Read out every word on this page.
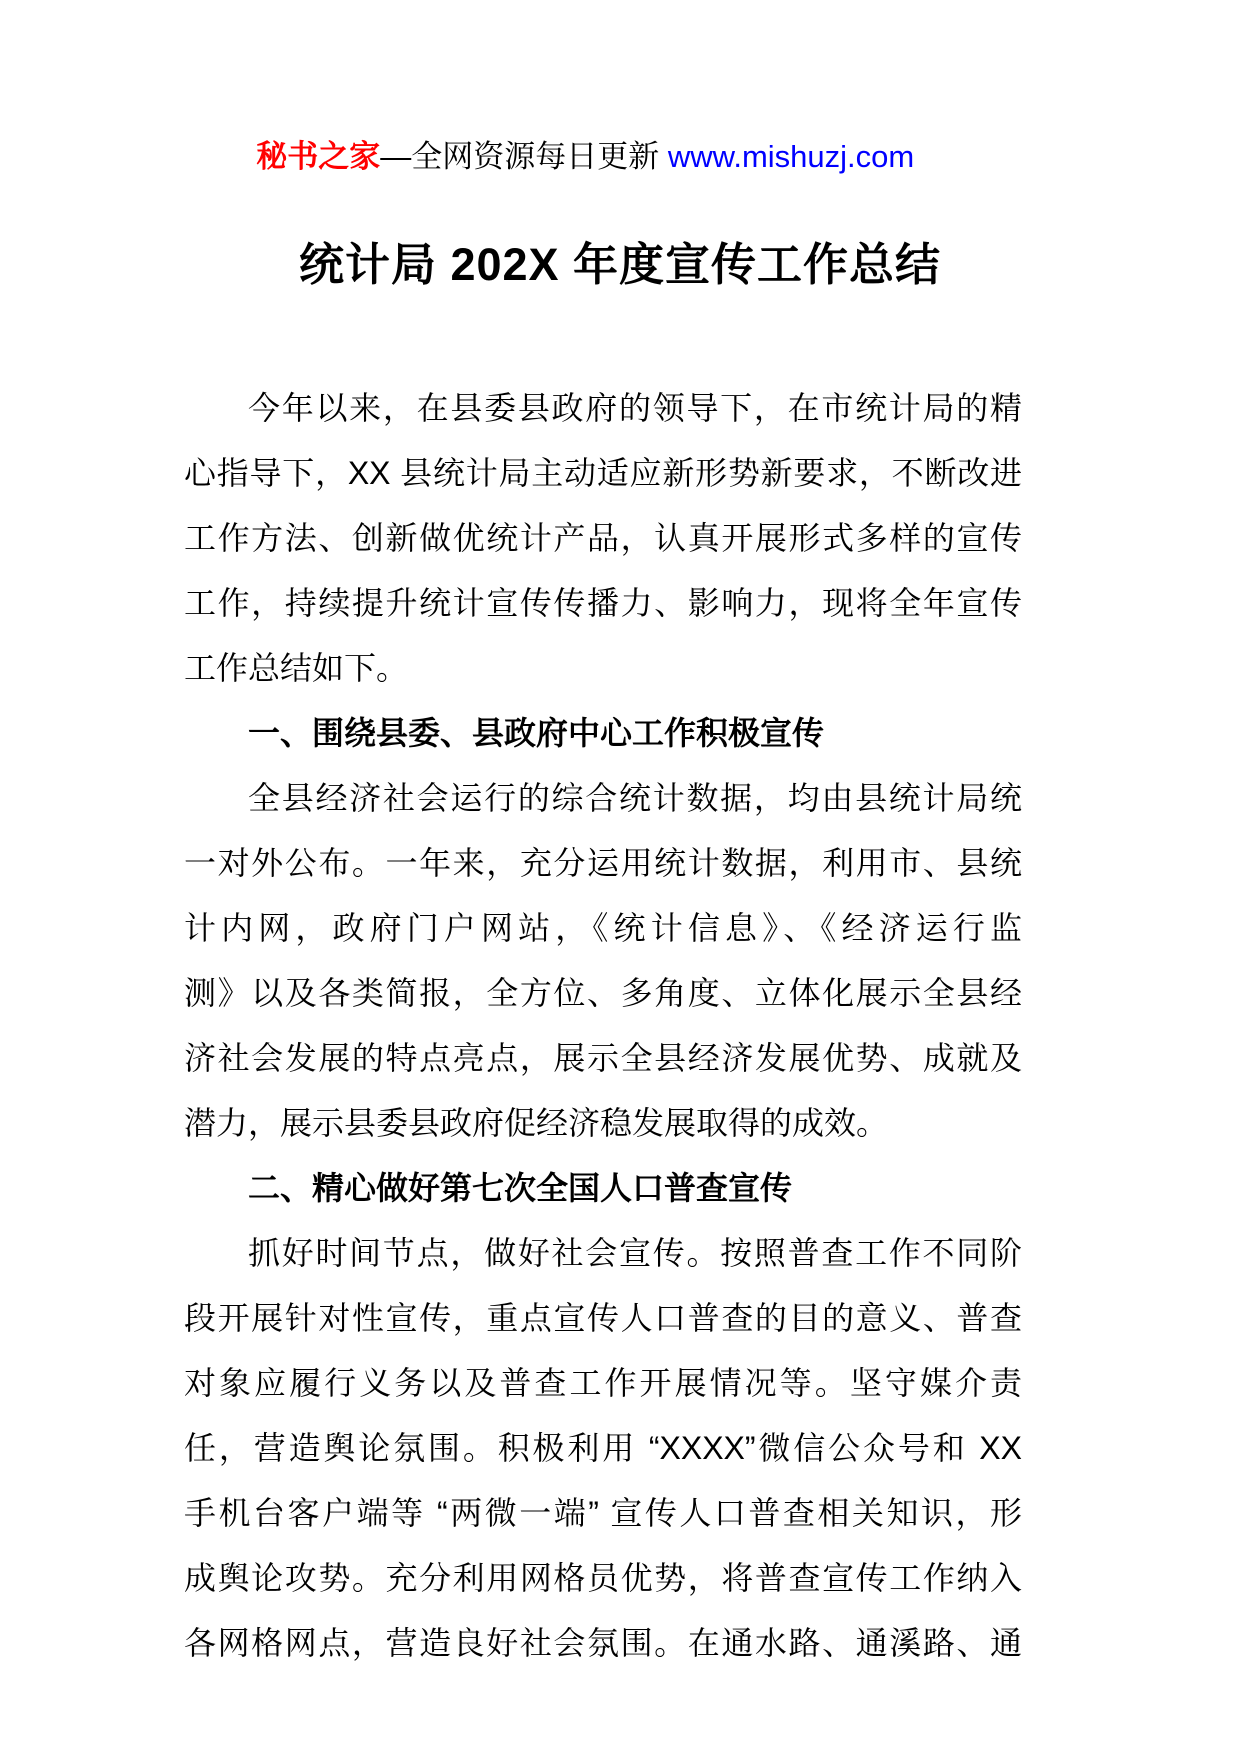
秘书之家—全网资源每日更新 www.mishuzj.com

统计局 202X 年度宣传工作总结
今年以来，在县委县政府的领导下，在市统计局的精
心指导下，XX 县统计局主动适应新形势新要求，不断改进
工作方法、创新做优统计产品，认真开展形式多样的宣传
工作，持续提升统计宣传传播力、影响力，现将全年宣传
工作总结如下。
一、围绕县委、县政府中心工作积极宣传
全县经济社会运行的综合统计数据，均由县统计局统
一对外公布。一年来，充分运用统计数据，利用市、县统
计内网，政府门户网站，《统计信息》、《经济运行监
测》以及各类简报，全方位、多角度、立体化展示全县经
济社会发展的特点亮点，展示全县经济发展优势、成就及
潜力，展示县委县政府促经济稳发展取得的成效。
二、精心做好第七次全国人口普查宣传
抓好时间节点，做好社会宣传。按照普查工作不同阶
段开展针对性宣传，重点宣传人口普查的目的意义、普查
对象应履行义务以及普查工作开展情况等。坚守媒介责
任，营造舆论氛围。积极利用 “XXXX”微信公众号和 XX
手机台客户端等 “两微一端” 宣传人口普查相关知识，形
成舆论攻势。充分利用网格员优势，将普查宣传工作纳入
各网格网点，营造良好社会氛围。在通水路、通溪路、通
